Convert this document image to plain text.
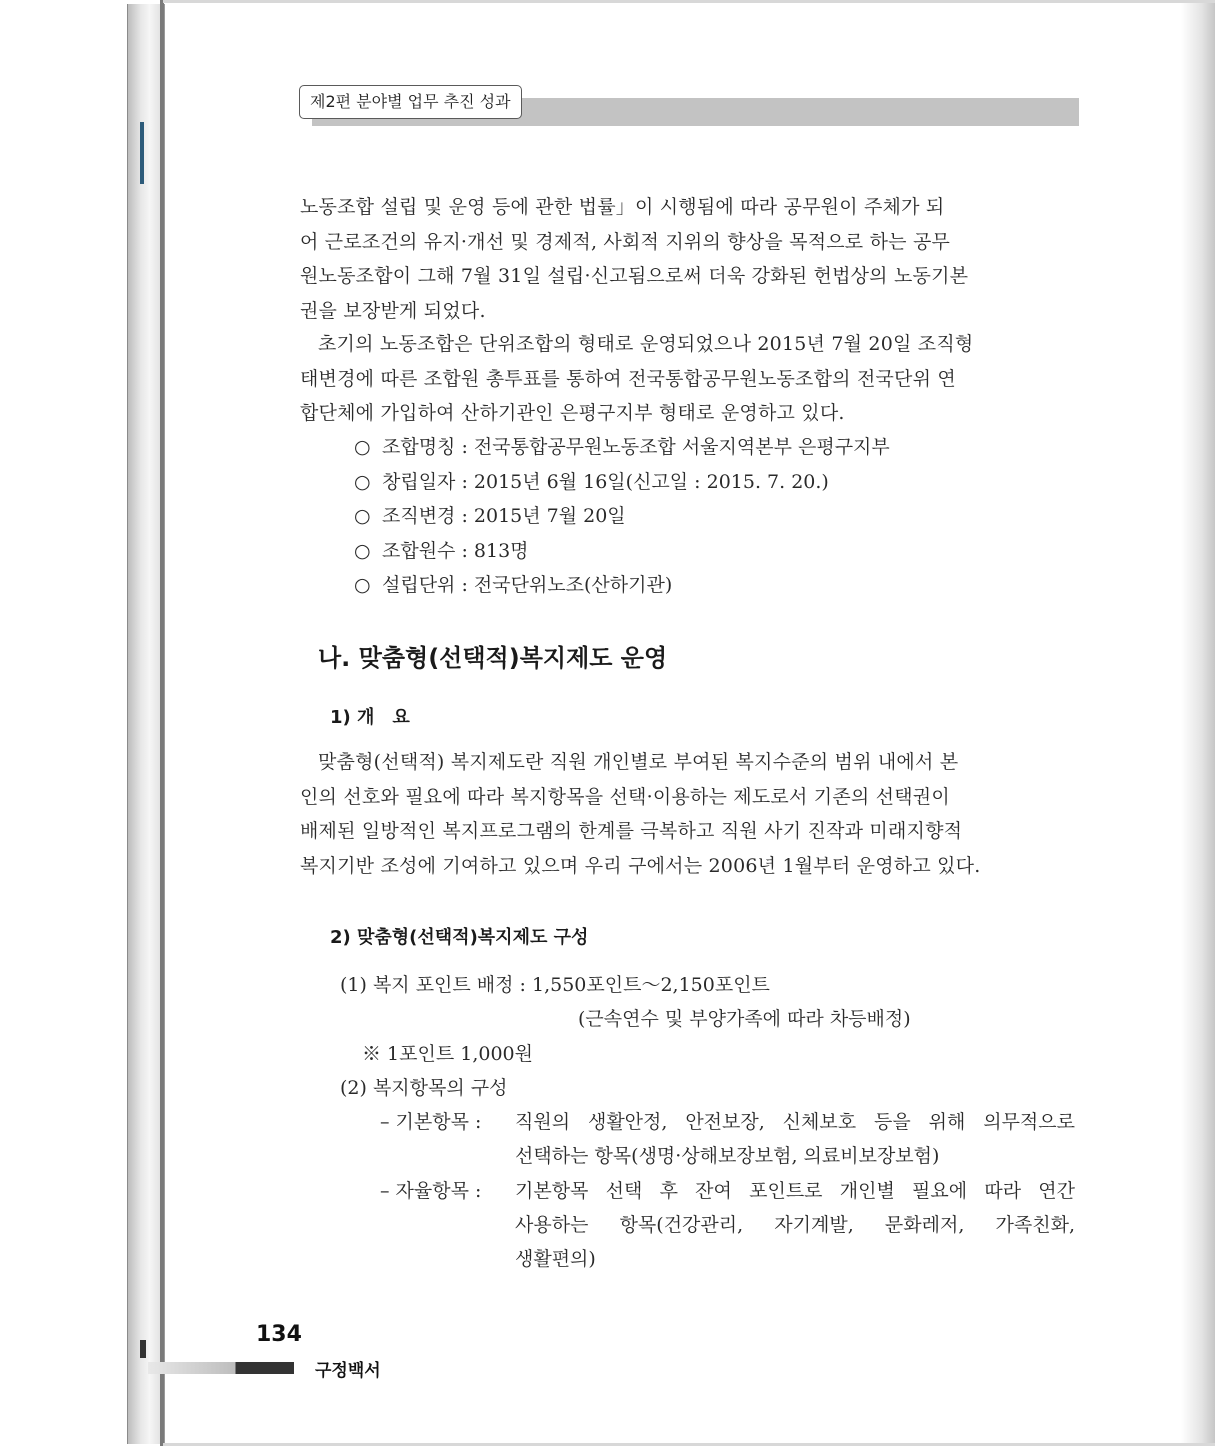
제2편 분야별 업무 추진 성과

노동조합 설립 및 운영 등에 관한 법률」이 시행됨에 따라 공무원이 주체가 되

어 근로조건의 유지·개선 및 경제적, 사회적 지위의 향상을 목적으로 하는 공무

원노동조합이 그해 7월 31일 설립·신고됨으로써 더욱 강화된 헌법상의 노동기본

권을 보장받게 되었다.

초기의 노동조합은 단위조합의 형태로 운영되었으나 2015년 7월 20일 조직형

태변경에 따른 조합원 총투표를 통하여 전국통합공무원노동조합의 전국단위 연

합단체에 가입하여 산하기관인 은평구지부 형태로 운영하고 있다.

○ 조합명칭 : 전국통합공무원노동조합 서울지역본부 은평구지부
○ 창립일자 : 2015년 6월 16일(신고일 : 2015. 7. 20.)
○ 조직변경 : 2015년 7월 20일
○ 조합원수 : 813명
○ 설립단위 : 전국단위노조(산하기관)
나. 맞춤형(선택적)복지제도 운영
1) 개　요

맞춤형(선택적) 복지제도란 직원 개인별로 부여된 복지수준의 범위 내에서 본

인의 선호와 필요에 따라 복지항목을 선택·이용하는 제도로서 기존의 선택권이

배제된 일방적인 복지프로그램의 한계를 극복하고 직원 사기 진작과 미래지향적

복지기반 조성에 기여하고 있으며 우리 구에서는 2006년 1월부터 운영하고 있다.

2) 맞춤형(선택적)복지제도 구성
(1) 복지 포인트 배정 : 1,550포인트～2,150포인트
(근속연수 및 부양가족에 따라 차등배정)
※ 1포인트 1,000원
(2) 복지항목의 구성
– 기본항목 : 직원의 생활안정, 안전보장, 신체보호 등을 위해 의무적으로
선택하는 항목(생명·상해보장보험, 의료비보장보험)
– 자율항목 : 기본항목 선택 후 잔여 포인트로 개인별 필요에 따라 연간
사용하는 항목(건강관리, 자기계발, 문화레저, 가족친화,
생활편의)
134
구정백서
